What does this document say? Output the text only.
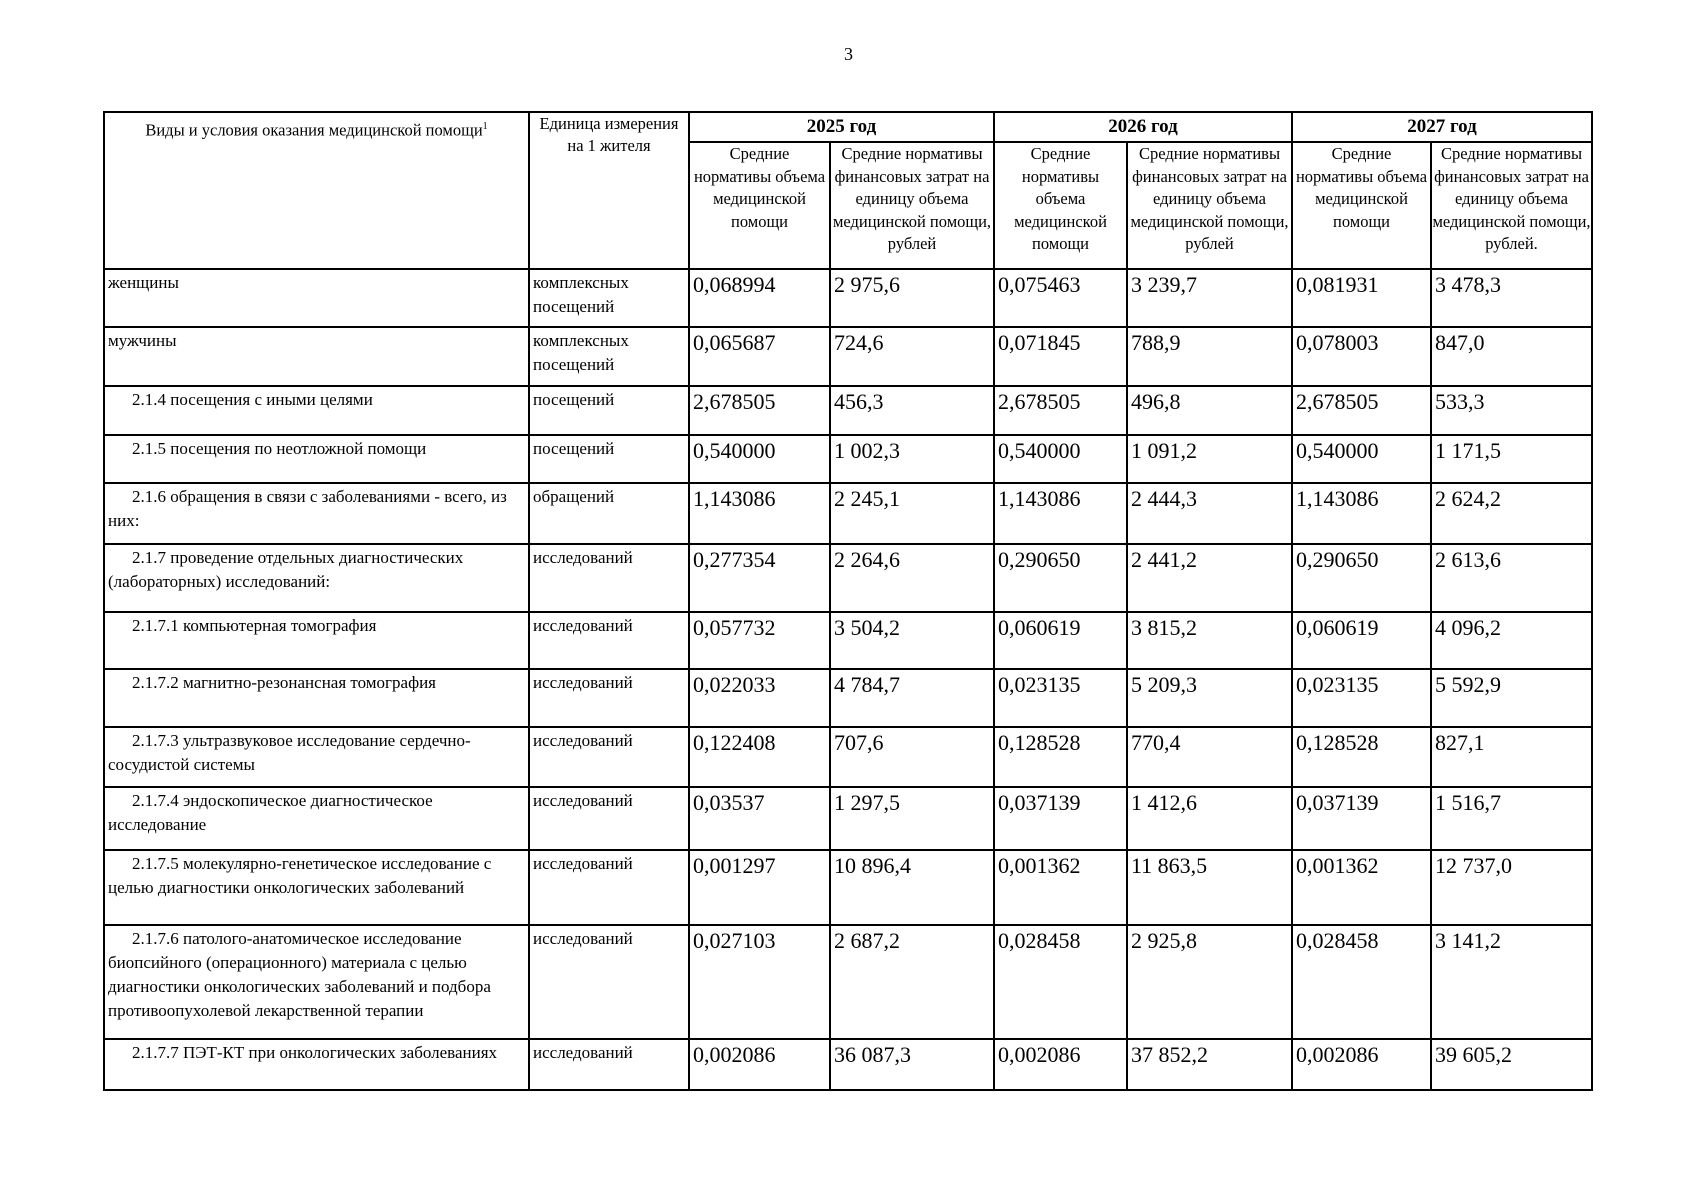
3
Виды и условия оказания медицинской помощи$^1$	Единица измерения на 1 жителя	2025 год		2026 год		2027 год	
		Средние нормативы объема медицинской помощи	Средние нормативы финансовых затрат на единицу объема медицинской помощи, рублей	Средние нормативы объема медицинской помощи	Средние нормативы финансовых затрат на единицу объема медицинской помощи, рублей	Средние нормативы объема медицинской помощи	Средние нормативы финансовых затрат на единицу объема медицинской помощи, рублей.

женщины	комплексных посещений	0,068994	2 975,6	0,075463	3 239,7	0,081931	3 478,3

мужчины	комплексных посещений	0,065687	724,6	0,071845	788,9	0,078003	847,0

2.1.4 посещения с иными целями	посещений	2,678505	456,3	2,678505	496,8	2,678505	533,3

2.1.5 посещения по неотложной помощи	посещений	0,540000	1 002,3	0,540000	1 091,2	0,540000	1 171,5

2.1.6 обращения в связи с заболеваниями - всего, из них:	обращений	1,143086	2 245,1	1,143086	2 444,3	1,143086	2 624,2

2.1.7 проведение отдельных диагностических (лабораторных) исследований:	исследований	0,277354	2 264,6	0,290650	2 441,2	0,290650	2 613,6

2.1.7.1 компьютерная томография	исследований	0,057732	3 504,2	0,060619	3 815,2	0,060619	4 096,2

2.1.7.2 магнитно-резонансная томография	исследований	0,022033	4 784,7	0,023135	5 209,3	0,023135	5 592,9

2.1.7.3 ультразвуковое исследование сердечно-сосудистой системы	исследований	0,122408	707,6	0,128528	770,4	0,128528	827,1

2.1.7.4 эндоскопическое диагностическое исследование	исследований	0,03537	1 297,5	0,037139	1 412,6	0,037139	1 516,7

2.1.7.5 молекулярно-генетическое исследование с целью диагностики онкологических заболеваний	исследований	0,001297	10 896,4	0,001362	11 863,5	0,001362	12 737,0

2.1.7.6 патолого-анатомическое исследование биопсийного (операционного) материала с целью диагностики онкологических заболеваний и подбора противоопухолевой лекарственной терапии	исследований	0,027103	2 687,2	0,028458	2 925,8	0,028458	3 141,2

2.1.7.7 ПЭТ-КТ при онкологических заболеваниях	исследований	0,002086	36 087,3	0,002086	37 852,2	0,002086	39 605,2
